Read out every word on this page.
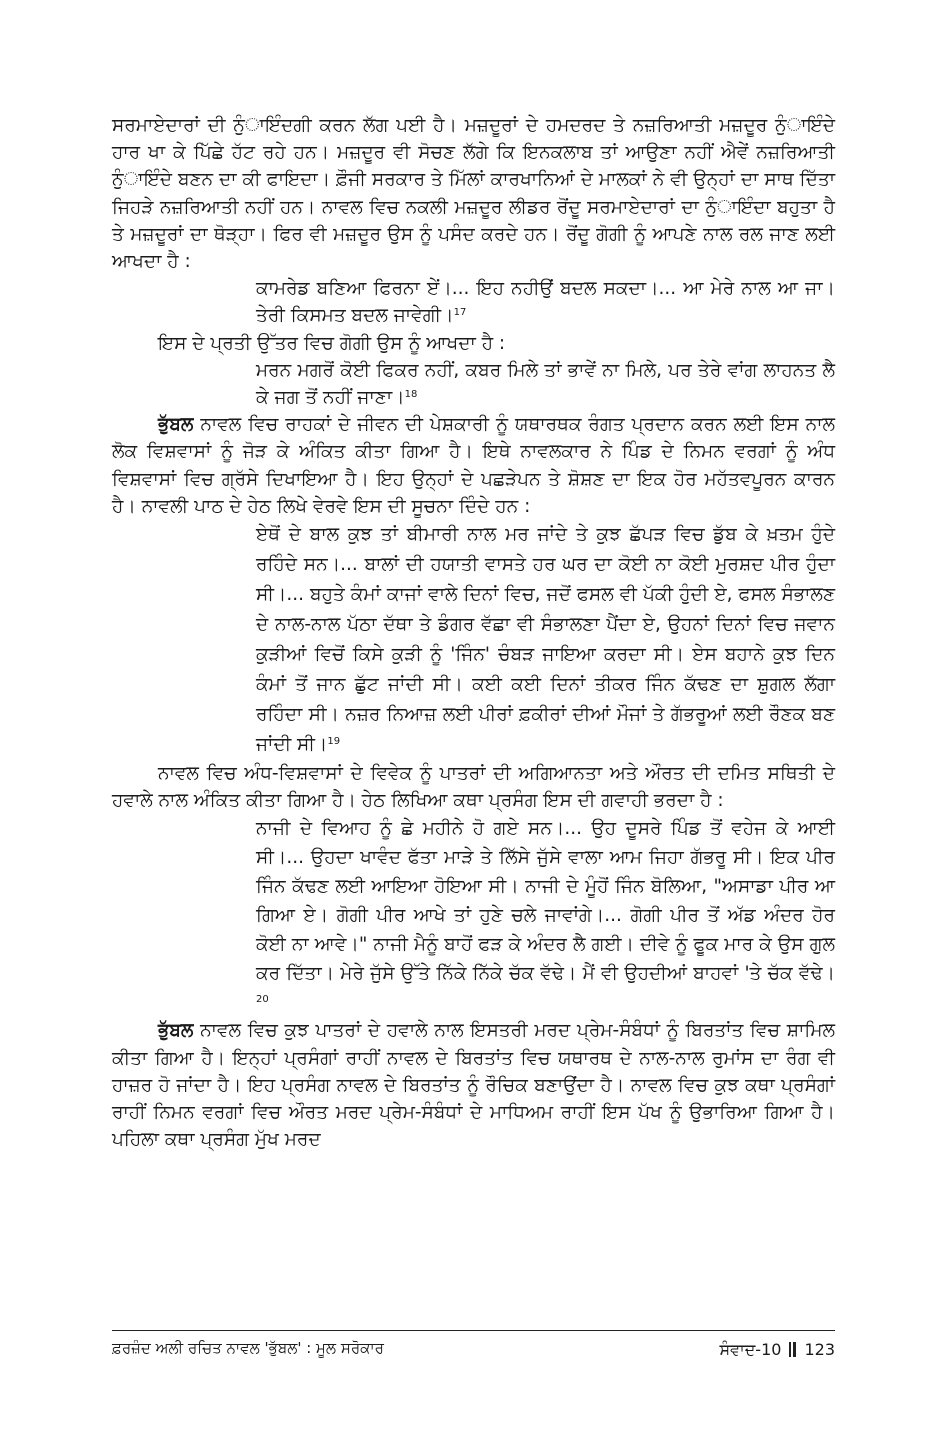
ਸਰਮਾਏਦਾਰਾਂ ਦੀ ਨੁੰਾਇੰਦਗੀ ਕਰਨ ਲੱਗ ਪਈ ਹੈ। ਮਜ਼ਦੂਰਾਂ ਦੇ ਹਮਦਰਦ ਤੇ ਨਜ਼ਰਿਆਤੀ ਮਜ਼ਦੂਰ ਨੁੰਾਇੰਦੇ ਹਾਰ ਖਾ ਕੇ ਪਿੱਛੇ ਹੱਟ ਰਹੇ ਹਨ। ਮਜ਼ਦੂਰ ਵੀ ਸੋਚਣ ਲੱਗੇ ਕਿ ਇਨਕਲਾਬ ਤਾਂ ਆਉਣਾ ਨਹੀਂ ਐਵੇਂ ਨਜ਼ਰਿਆਤੀ ਨੁੰਾਇੰਦੇ ਬਣਨ ਦਾ ਕੀ ਫਾਇਦਾ। ਫ਼ੌਜੀ ਸਰਕਾਰ ਤੇ ਮਿੱਲਾਂ ਕਾਰਖਾਨਿਆਂ ਦੇ ਮਾਲਕਾਂ ਨੇ ਵੀ ਉਨ੍ਹਾਂ ਦਾ ਸਾਥ ਦਿੱਤਾ ਜਿਹੜੇ ਨਜ਼ਰਿਆਤੀ ਨਹੀਂ ਹਨ। ਨਾਵਲ ਵਿਚ ਨਕਲੀ ਮਜ਼ਦੂਰ ਲੀਡਰ ਰੋਂਦੂ ਸਰਮਾਏਦਾਰਾਂ ਦਾ ਨੁੰਾਇੰਦਾ ਬਹੁਤਾ ਹੈ ਤੇ ਮਜ਼ਦੂਰਾਂ ਦਾ ਥੋੜ੍ਹਾ। ਫਿਰ ਵੀ ਮਜ਼ਦੂਰ ਉਸ ਨੂੰ ਪਸੰਦ ਕਰਦੇ ਹਨ। ਰੋਂਦੂ ਗੋਗੀ ਨੂੰ ਆਪਣੇ ਨਾਲ ਰਲ ਜਾਣ ਲਈ ਆਖਦਾ ਹੈ :

ਕਾਮਰੇਡ ਬਣਿਆ ਫਿਰਨਾ ਏਂ।... ਇਹ ਨਹੀਉਂ ਬਦਲ ਸਕਦਾ।... ਆ ਮੇਰੇ ਨਾਲ ਆ ਜਾ। ਤੇਰੀ ਕਿਸਮਤ ਬਦਲ ਜਾਵੇਗੀ।$^{17}$

ਇਸ ਦੇ ਪ੍ਰਤੀ ਉੱਤਰ ਵਿਚ ਗੋਗੀ ਉਸ ਨੂੰ ਆਖਦਾ ਹੈ :

ਮਰਨ ਮਗਰੋਂ ਕੋਈ ਫਿਕਰ ਨਹੀਂ, ਕਬਰ ਮਿਲੇ ਤਾਂ ਭਾਵੇਂ ਨਾ ਮਿਲੇ, ਪਰ ਤੇਰੇ ਵਾਂਗ ਲਾਹਨਤ ਲੈ ਕੇ ਜਗ ਤੋਂ ਨਹੀਂ ਜਾਣਾ।$^{18}$

ਭੁੱਬਲ ਨਾਵਲ ਵਿਚ ਰਾਹਕਾਂ ਦੇ ਜੀਵਨ ਦੀ ਪੇਸ਼ਕਾਰੀ ਨੂੰ ਯਥਾਰਥਕ ਰੰਗਤ ਪ੍ਰਦਾਨ ਕਰਨ ਲਈ ਇਸ ਨਾਲ ਲੋਕ ਵਿਸ਼ਵਾਸਾਂ ਨੂੰ ਜੋੜ ਕੇ ਅੰਕਿਤ ਕੀਤਾ ਗਿਆ ਹੈ। ਇਥੇ ਨਾਵਲਕਾਰ ਨੇ ਪਿੰਡ ਦੇ ਨਿਮਨ ਵਰਗਾਂ ਨੂੰ ਅੰਧ ਵਿਸ਼ਵਾਸਾਂ ਵਿਚ ਗ੍ਰੱਸੇ ਦਿਖਾਇਆ ਹੈ। ਇਹ ਉਨ੍ਹਾਂ ਦੇ ਪਛੜੇਪਨ ਤੇ ਸ਼ੋਸ਼ਣ ਦਾ ਇਕ ਹੋਰ ਮਹੱਤਵਪੂਰਨ ਕਾਰਨ ਹੈ। ਨਾਵਲੀ ਪਾਠ ਦੇ ਹੇਠ ਲਿਖੇ ਵੇਰਵੇ ਇਸ ਦੀ ਸੂਚਨਾ ਦਿੰਦੇ ਹਨ :

ਏਥੋਂ ਦੇ ਬਾਲ ਕੁਝ ਤਾਂ ਬੀਮਾਰੀ ਨਾਲ ਮਰ ਜਾਂਦੇ ਤੇ ਕੁਝ ਛੱਪੜ ਵਿਚ ਡੁੱਬ ਕੇ ਖ਼ਤਮ ਹੁੰਦੇ ਰਹਿੰਦੇ ਸਨ।... ਬਾਲਾਂ ਦੀ ਹਯਾਤੀ ਵਾਸਤੇ ਹਰ ਘਰ ਦਾ ਕੋਈ ਨਾ ਕੋਈ ਮੁਰਸ਼ਦ ਪੀਰ ਹੁੰਦਾ ਸੀ।... ਬਹੁਤੇ ਕੰਮਾਂ ਕਾਜਾਂ ਵਾਲੇ ਦਿਨਾਂ ਵਿਚ, ਜਦੋਂ ਫਸਲ ਵੀ ਪੱਕੀ ਹੁੰਦੀ ਏ, ਫਸਲ ਸੰਭਾਲਣ ਦੇ ਨਾਲ-ਨਾਲ ਪੱਠਾ ਦੱਥਾ ਤੇ ਡੰਗਰ ਵੱਛਾ ਵੀ ਸੰਭਾਲਣਾ ਪੈਂਦਾ ਏ, ਉਹਨਾਂ ਦਿਨਾਂ ਵਿਚ ਜਵਾਨ ਕੁੜੀਆਂ ਵਿਚੋਂ ਕਿਸੇ ਕੁੜੀ ਨੂੰ 'ਜਿੰਨ' ਚੰਬੜ ਜਾਇਆ ਕਰਦਾ ਸੀ। ਏਸ ਬਹਾਨੇ ਕੁਝ ਦਿਨ ਕੰਮਾਂ ਤੋਂ ਜਾਨ ਛੁੱਟ ਜਾਂਦੀ ਸੀ। ਕਈ ਕਈ ਦਿਨਾਂ ਤੀਕਰ ਜਿੰਨ ਕੱਢਣ ਦਾ ਸ਼ੁਗਲ ਲੱਗਾ ਰਹਿੰਦਾ ਸੀ। ਨਜ਼ਰ ਨਿਆਜ਼ ਲਈ ਪੀਰਾਂ ਫ਼ਕੀਰਾਂ ਦੀਆਂ ਮੌਜਾਂ ਤੇ ਗੱਭਰੂਆਂ ਲਈ ਰੌਣਕ ਬਣ ਜਾਂਦੀ ਸੀ।$^{19}$

ਨਾਵਲ ਵਿਚ ਅੰਧ-ਵਿਸ਼ਵਾਸਾਂ ਦੇ ਵਿਵੇਕ ਨੂੰ ਪਾਤਰਾਂ ਦੀ ਅਗਿਆਨਤਾ ਅਤੇ ਔਰਤ ਦੀ ਦਮਿਤ ਸਥਿਤੀ ਦੇ ਹਵਾਲੇ ਨਾਲ ਅੰਕਿਤ ਕੀਤਾ ਗਿਆ ਹੈ। ਹੇਠ ਲਿਖਿਆ ਕਥਾ ਪ੍ਰਸੰਗ ਇਸ ਦੀ ਗਵਾਹੀ ਭਰਦਾ ਹੈ :

ਨਾਜੀ ਦੇ ਵਿਆਹ ਨੂੰ ਛੇ ਮਹੀਨੇ ਹੋ ਗਏ ਸਨ।... ਉਹ ਦੂਸਰੇ ਪਿੰਡ ਤੋਂ ਵਹੇਜ ਕੇ ਆਈ ਸੀ।... ਉਹਦਾ ਖਾਵੰਦ ਫੱਤਾ ਮਾੜੇ ਤੇ ਲਿੱਸੇ ਜੁੱਸੇ ਵਾਲਾ ਆਮ ਜਿਹਾ ਗੱਭਰੂ ਸੀ। ਇਕ ਪੀਰ ਜਿੰਨ ਕੱਢਣ ਲਈ ਆਇਆ ਹੋਇਆ ਸੀ। ਨਾਜੀ ਦੇ ਮੂੰਹੋਂ ਜਿੰਨ ਬੋਲਿਆ, "ਅਸਾਡਾ ਪੀਰ ਆ ਗਿਆ ਏ। ਗੋਗੀ ਪੀਰ ਆਖੇ ਤਾਂ ਹੁਣੇ ਚਲੇ ਜਾਵਾਂਗੇ।... ਗੋਗੀ ਪੀਰ ਤੋਂ ਅੱਡ ਅੰਦਰ ਹੋਰ ਕੋਈ ਨਾ ਆਵੇ।" ਨਾਜੀ ਮੈਨੂੰ ਬਾਹੋਂ ਫੜ ਕੇ ਅੰਦਰ ਲੈ ਗਈ। ਦੀਵੇ ਨੂੰ ਫੂਕ ਮਾਰ ਕੇ ਉਸ ਗੁਲ ਕਰ ਦਿੱਤਾ। ਮੇਰੇ ਜੁੱਸੇ ਉੱਤੇ ਨਿੱਕੇ ਨਿੱਕੇ ਚੱਕ ਵੱਢੇ। ਮੈਂ ਵੀ ਉਹਦੀਆਂ ਬਾਹਵਾਂ 'ਤੇ ਚੱਕ ਵੱਢੇ।$^{20}$

ਭੁੱਬਲ ਨਾਵਲ ਵਿਚ ਕੁਝ ਪਾਤਰਾਂ ਦੇ ਹਵਾਲੇ ਨਾਲ ਇਸਤਰੀ ਮਰਦ ਪ੍ਰੇਮ-ਸੰਬੰਧਾਂ ਨੂੰ ਬਿਰਤਾਂਤ ਵਿਚ ਸ਼ਾਮਿਲ ਕੀਤਾ ਗਿਆ ਹੈ। ਇਨ੍ਹਾਂ ਪ੍ਰਸੰਗਾਂ ਰਾਹੀਂ ਨਾਵਲ ਦੇ ਬਿਰਤਾਂਤ ਵਿਚ ਯਥਾਰਥ ਦੇ ਨਾਲ-ਨਾਲ ਰੁਮਾਂਸ ਦਾ ਰੰਗ ਵੀ ਹਾਜ਼ਰ ਹੋ ਜਾਂਦਾ ਹੈ। ਇਹ ਪ੍ਰਸੰਗ ਨਾਵਲ ਦੇ ਬਿਰਤਾਂਤ ਨੂੰ ਰੌਚਿਕ ਬਣਾਉਂਦਾ ਹੈ। ਨਾਵਲ ਵਿਚ ਕੁਝ ਕਥਾ ਪ੍ਰਸੰਗਾਂ ਰਾਹੀਂ ਨਿਮਨ ਵਰਗਾਂ ਵਿਚ ਔਰਤ ਮਰਦ ਪ੍ਰੇਮ-ਸੰਬੰਧਾਂ ਦੇ ਮਾਧਿਅਮ ਰਾਹੀਂ ਇਸ ਪੱਖ ਨੂੰ ਉਭਾਰਿਆ ਗਿਆ ਹੈ। ਪਹਿਲਾ ਕਥਾ ਪ੍ਰਸੰਗ ਮੁੱਖ ਮਰਦ

ਫ਼ਰਜ਼ੰਦ ਅਲੀ ਰਚਿਤ ਨਾਵਲ 'ਭੁੱਬਲ' : ਮੂਲ ਸਰੋਕਾਰ	ਸੰਵਾਦ-10 123
